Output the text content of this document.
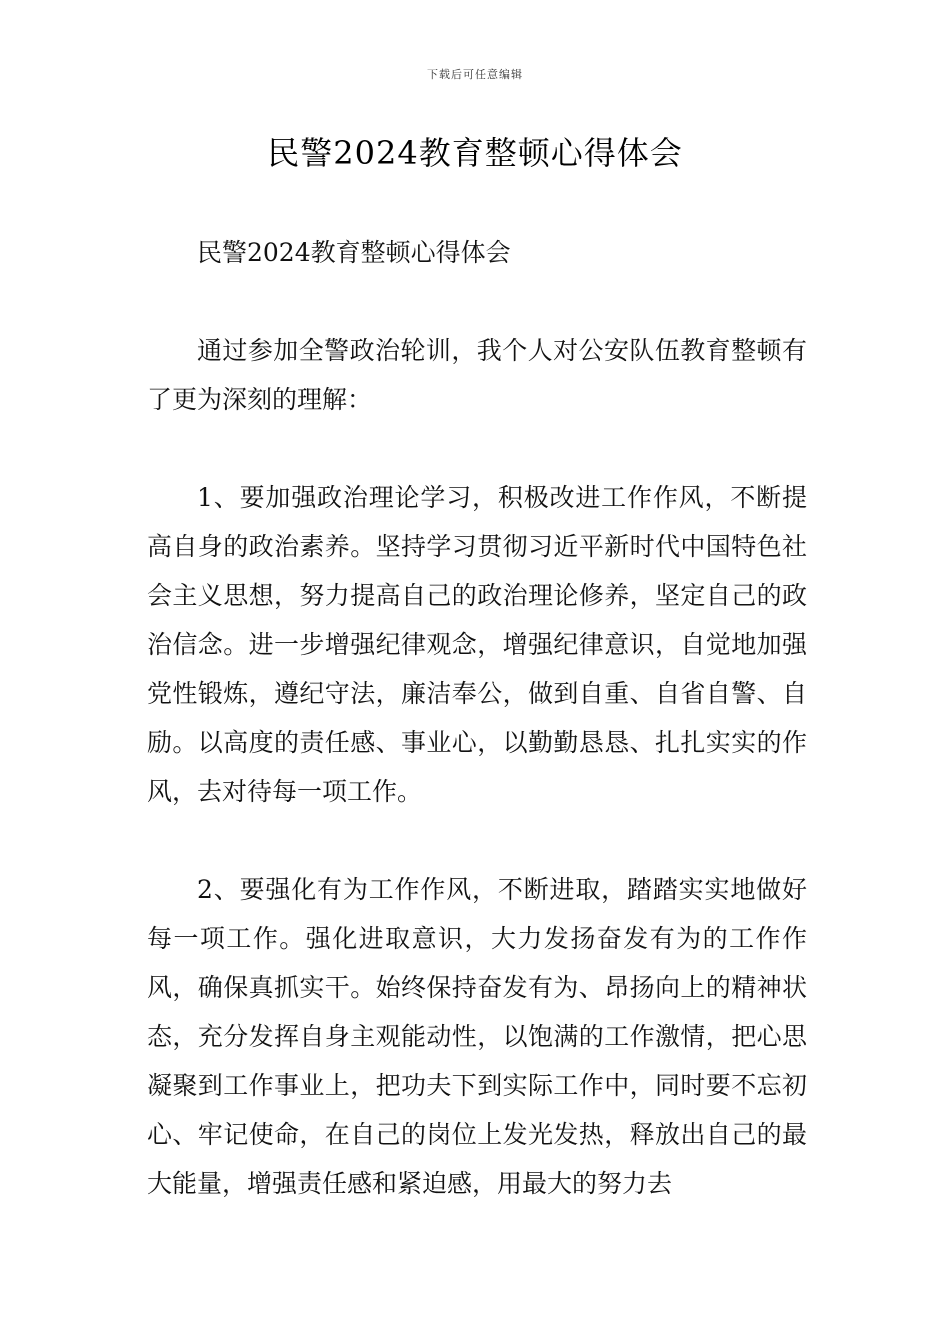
下载后可任意编辑
民警2024教育整顿心得体会

民警2024教育整顿心得体会

通过参加全警政治轮训，我个人对公安队伍教育整顿有了更为深刻的理解：

1、要加强政治理论学习，积极改进工作作风，不断提高自身的政治素养。坚持学习贯彻习近平新时代中国特色社会主义思想，努力提高自己的政治理论修养，坚定自己的政治信念。进一步增强纪律观念，增强纪律意识，自觉地加强党性锻炼，遵纪守法，廉洁奉公，做到自重、自省自警、自励。以高度的责任感、事业心，以勤勤恳恳、扎扎实实的作风，去对待每一项工作。

2、要强化有为工作作风，不断进取，踏踏实实地做好每一项工作。强化进取意识，大力发扬奋发有为的工作作风，确保真抓实干。始终保持奋发有为、昂扬向上的精神状态，充分发挥自身主观能动性，以饱满的工作激情，把心思凝聚到工作事业上，把功夫下到实际工作中，同时要不忘初心、牢记使命，在自己的岗位上发光发热，释放出自己的最大能量，增强责任感和紧迫感，用最大的努力去
